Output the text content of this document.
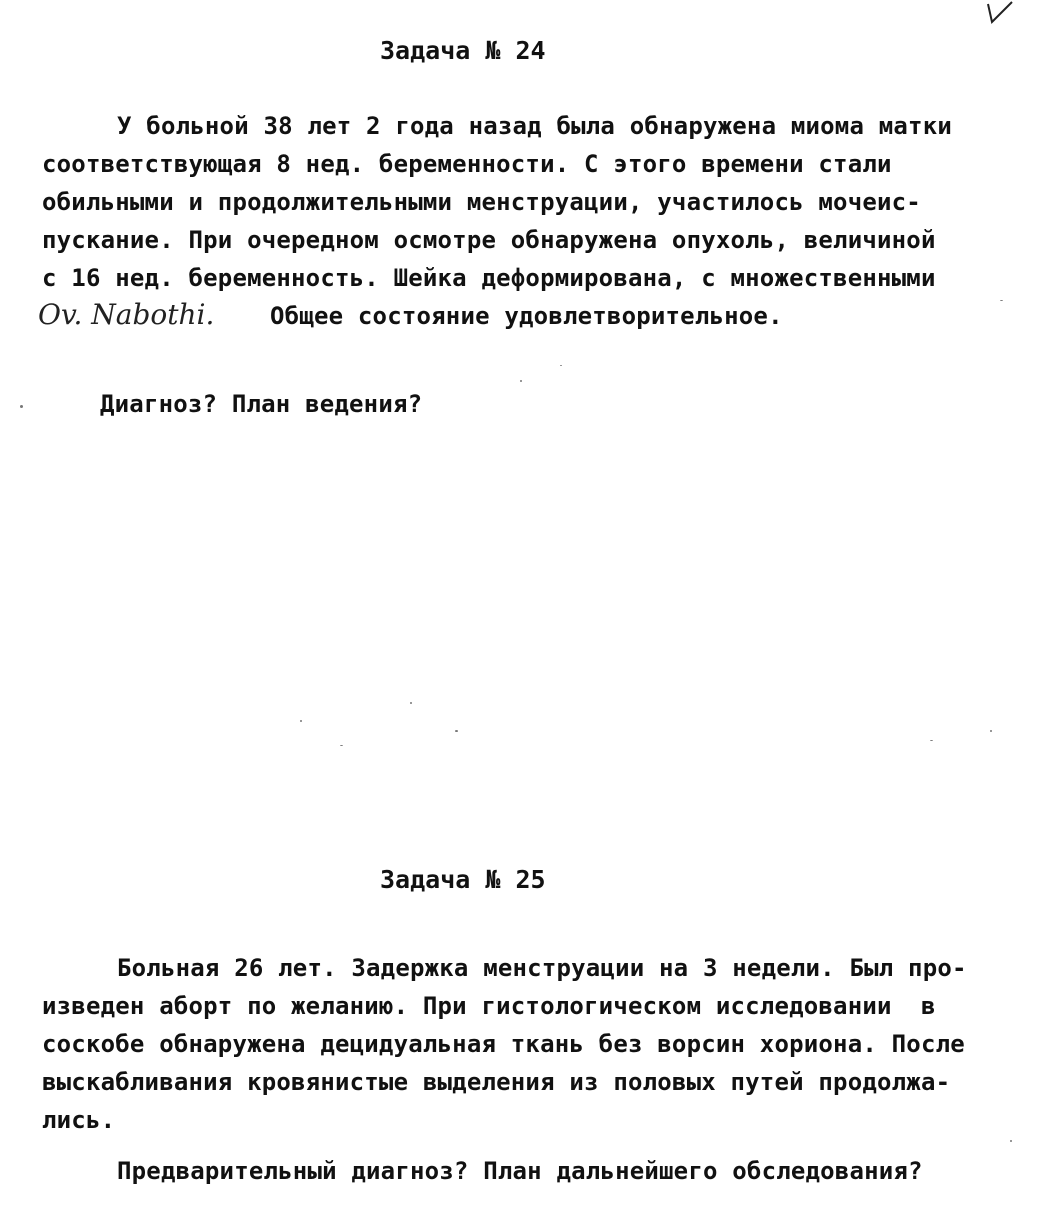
Задача № 24
У больной 38 лет 2 года назад была обнаружена миома матки
соответствующая 8 нед. беременности. С этого времени стали
обильными и продолжительными менструации, участилось мочеис-
пускание. При очередном осмотре обнаружена опухоль, величиной
с 16 нед. беременность. Шейка деформирована, с множественными
Ov. Nabothi. Общее состояние удовлетворительное.
Диагноз? План ведения?
Задача № 25
Больная 26 лет. Задержка менструации на 3 недели. Был про-
изведен аборт по желанию. При гистологическом исследовании  в
соскобе обнаружена децидуальная ткань без ворсин хориона. После
выскабливания кровянистые выделения из половых путей продолжа-
лись.
Предварительный диагноз? План дальнейшего обследования?
